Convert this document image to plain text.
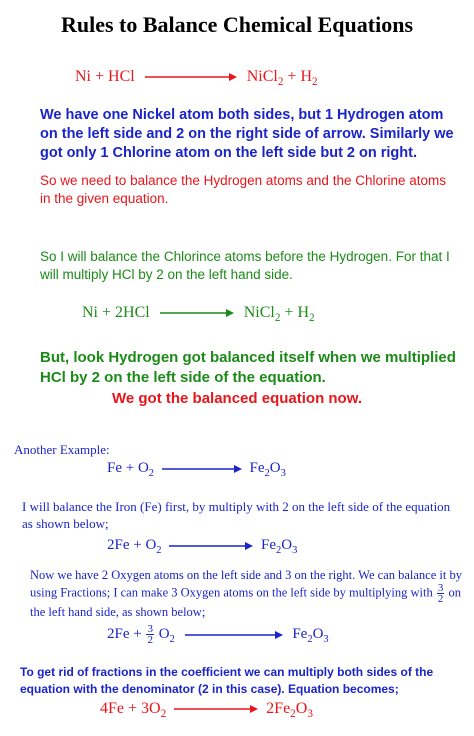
Rules to Balance Chemical Equations
Ni + HCl	NiCl$_2$ + $H_2$
We have one Nickel atom both sides, but 1 Hydrogen atom on the left side and 2 on the right side of arrow. Similarly we got only 1 Chlorine atom on the left side but 2 on right.
So we need to balance the Hydrogen atoms and the Chlorine atoms in the given equation.
So I will balance the Chlorince atoms before the Hydrogen. For that I will multiply HCl by 2 on the left hand side.
Ni + 2HCl	NiCl$_2$ + $H_2$
But, look Hydrogen got balanced itself when we multiplied HCl by 2 on the left side of the equation.
We got the balanced equation now.
Another Example:
$Fe + O_2$	$Fe_2O_3$
I will balance the Iron (Fe) first, by multiply with 2 on the left side of the equation as shown below;
$2Fe + O_2$	$Fe_2O_3$
Now we have 2 Oxygen atoms on the left side and 3 on the right. We can balance it by using Fractions; I can make 3 Oxygen atoms on the left side by multiplying with $\frac{3}{2}$ on the left hand side, as shown below;
$2Fe + \frac{3}{2} O_2$	$Fe_2O_3$
To get rid of fractions in the coefficient we can multiply both sides of the equation with the denominator (2 in this case). Equation becomes;
$4Fe + 3O_2$	$2Fe_2O_3$
